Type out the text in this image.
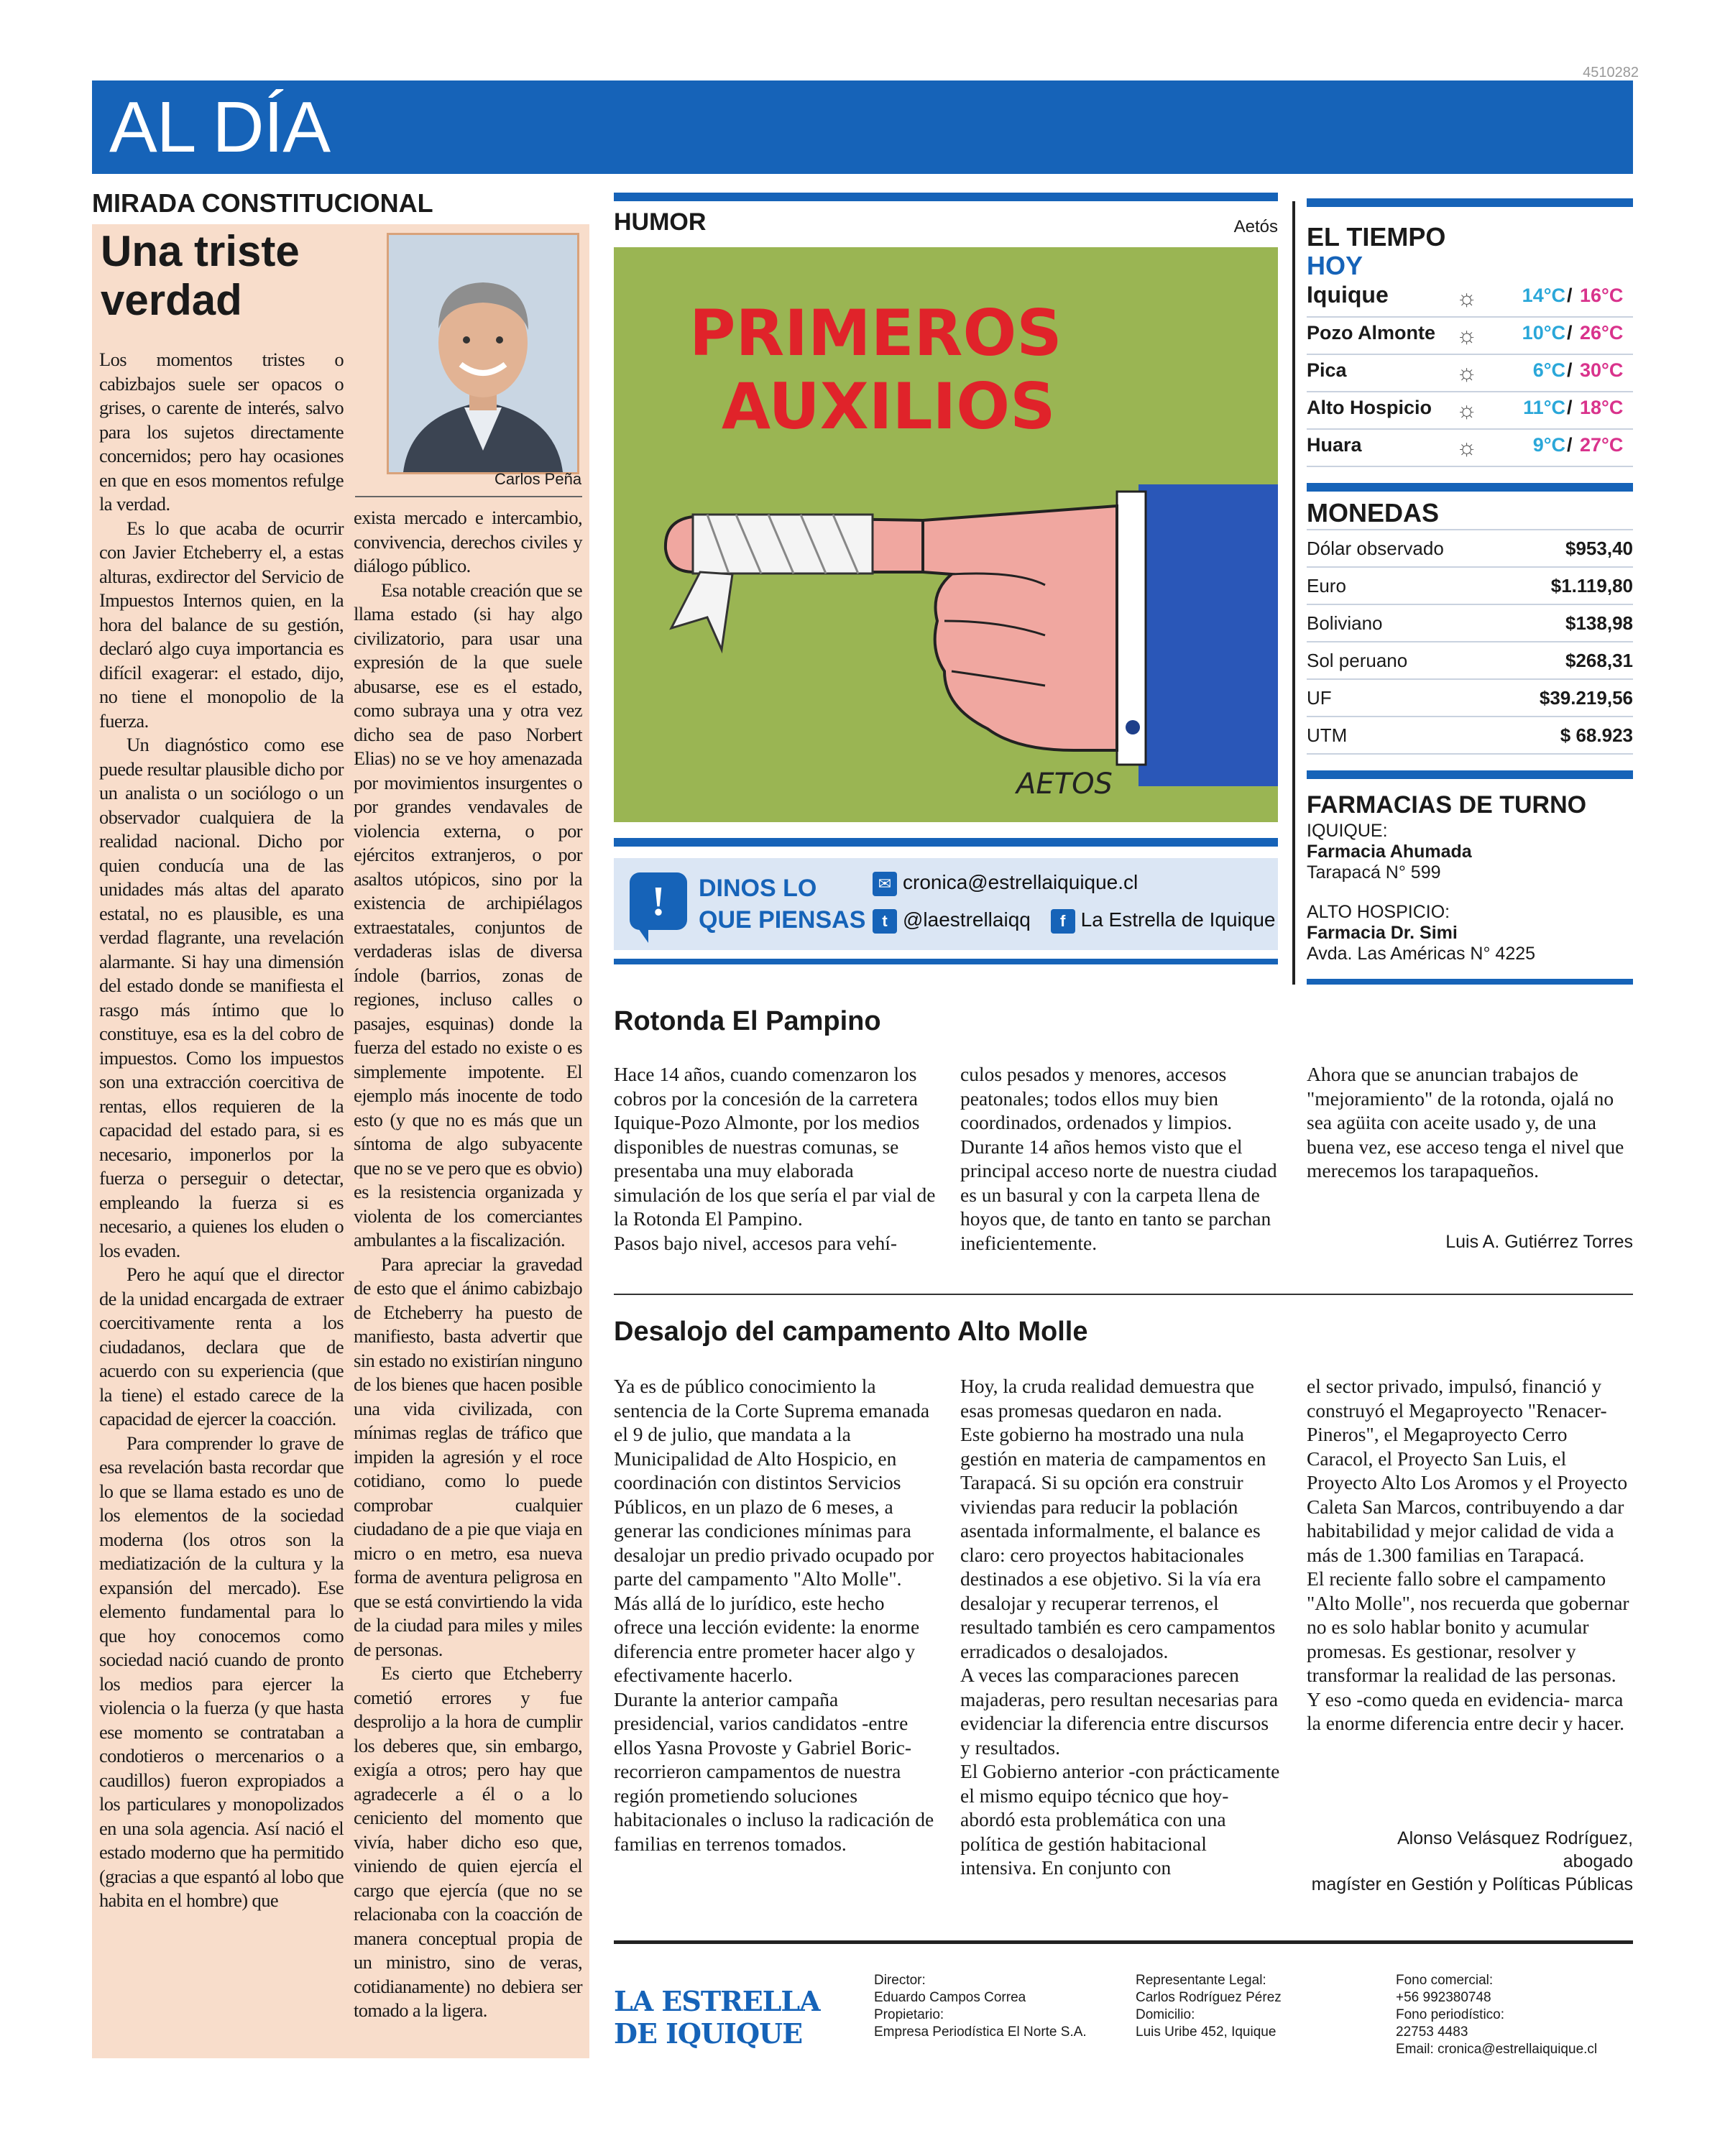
4510282
AL DÍA
MIRADA CONSTITUCIONAL
Una triste
verdad
Carlos Peña

Los momentos tristes o cabizbajos suele ser opacos o grises, o carente de interés, salvo para los sujetos directamente concernidos; pero hay ocasiones en que en esos momentos refulge la verdad.

Es lo que acaba de ocurrir con Javier Etcheberry el, a estas alturas, exdirector del Servicio de Impuestos Internos quien, en la hora del balance de su gestión, declaró algo cuya importancia es difícil exagerar: el estado, dijo, no tiene el monopolio de la fuerza.

Un diagnóstico como ese puede resultar plausible dicho por un analista o un sociólogo o un observador cualquiera de la realidad nacional. Dicho por quien conducía una de las unidades más altas del aparato estatal, no es plausible, es una verdad flagrante, una revelación alarmante. Si hay una dimensión del estado donde se manifiesta el rasgo más íntimo que lo constituye, esa es la del cobro de impuestos. Como los impuestos son una extracción coercitiva de rentas, ellos requieren de la capacidad del estado para, si es necesario, imponerlos por la fuerza o perseguir o detectar, empleando la fuerza si es necesario, a quienes los eluden o los evaden.

Pero he aquí que el director de la unidad encargada de extraer coercitivamente renta a los ciudadanos, declara que de acuerdo con su experiencia (que la tiene) el estado carece de la capacidad de ejercer la coacción.

Para comprender lo grave de esa revelación basta recordar que lo que se llama estado es uno de los elementos de la sociedad moderna (los otros son la mediatización de la cultura y la expansión del mercado). Ese elemento fundamental para lo que hoy conocemos como sociedad nació cuando de pronto los medios para ejercer la violencia o la fuerza (y que hasta ese momento se contrataban a condotieros o mercenarios o a caudillos) fueron expropiados a los particulares y monopolizados en una sola agencia. Así nació el estado moderno que ha permitido (gracias a que espantó al lobo que habita en el hombre) que

exista mercado e intercambio, convivencia, derechos civiles y diálogo público.

Esa notable creación que se llama estado (si hay algo civilizatorio, para usar una expresión de la que suele abusarse, ese es el estado, como subraya una y otra vez dicho sea de paso Norbert Elias) no se ve hoy amenazada por movimientos insurgentes o por grandes vendavales de violencia externa, o por ejércitos extranjeros, o por asaltos utópicos, sino por la existencia de archipiélagos extraestatales, conjuntos de verdaderas islas de diversa índole (barrios, zonas de regiones, incluso calles o pasajes, esquinas) donde la fuerza del estado no existe o es simplemente impotente. El ejemplo más inocente de todo esto (y que no es más que un síntoma de algo subyacente que no se ve pero que es obvio) es la resistencia organizada y violenta de los comerciantes ambulantes a la fiscalización.

Para apreciar la gravedad de esto que el ánimo cabizbajo de Etcheberry ha puesto de manifiesto, basta advertir que sin estado no existirían ninguno de los bienes que hacen posible una vida civilizada, con mínimas reglas de tráfico que impiden la agresión y el roce cotidiano, como lo puede comprobar cualquier ciudadano de a pie que viaja en micro o en metro, esa nueva forma de aventura peligrosa en que se está convirtiendo la vida de la ciudad para miles y miles de personas.

Es cierto que Etcheberry cometió errores y fue desprolijo a la hora de cumplir los deberes que, sin embargo, exigía a otros; pero hay que agradecerle a él o a lo ceniciento del momento que vivía, haber dicho eso que, viniendo de quien ejercía el cargo que ejercía (que no se relacionaba con la coacción de manera conceptual propia de un ministro, sino de veras, cotidianamente) no debiera ser tomado a la ligera.

HUMOR	Aetós
PRIMEROS
AUXILIOS
AETOS
!	DINOS LO
QUE PIENSAS
✉ cronica@estrellaiquique.cl
t @laestrellaiqq f La Estrella de Iquique
EL TIEMPO
HOY
Iquique	☼	14°C / 16°C
Pozo Almonte ☼	10°C / 26°C
Pica	☼	6°C / 30°C
Alto Hospicio ☼	11°C / 18°C
Huara	☼	9°C / 27°C
MONEDAS
Dólar observado	$953,40
Euro	$1.119,80
Boliviano	$138,98
Sol peruano	$268,31
UF	$39.219,56
UTM	$ 68.923
FARMACIAS DE TURNO
IQUIQUE:
Farmacia Ahumada
Tarapacá N° 599
ALTO HOSPICIO:
Farmacia Dr. Simi
Avda. Las Américas N° 4225
Rotonda El Pampino
Hace 14 años, cuando comenzaron los cobros por la concesión de la carretera Iquique-Pozo Almonte, por los medios disponibles de nuestras comunas, se presentaba una muy elaborada simulación de los que sería el par vial de la Rotonda El Pampino.
Pasos bajo nivel, accesos para vehí-
culos pesados y menores, accesos peatonales; todos ellos muy bien coordinados, ordenados y limpios. Durante 14 años hemos visto que el principal acceso norte de nuestra ciudad es un basural y con la carpeta llena de hoyos que, de tanto en tanto se parchan ineficientemente.
Ahora que se anuncian trabajos de "mejoramiento" de la rotonda, ojalá no sea agüita con aceite usado y, de una buena vez, ese acceso tenga el nivel que merecemos los tarapaqueños.
Luis A. Gutiérrez Torres
Desalojo del campamento Alto Molle
Ya es de público conocimiento la sentencia de la Corte Suprema emanada el 9 de julio, que mandata a la Municipalidad de Alto Hospicio, en coordinación con distintos Servicios Públicos, en un plazo de 6 meses, a generar las condiciones mínimas para desalojar un predio privado ocupado por parte del campamento "Alto Molle".
Más allá de lo jurídico, este hecho ofrece una lección evidente: la enorme diferencia entre prometer hacer algo y efectivamente hacerlo.
Durante la anterior campaña presidencial, varios candidatos -entre ellos Yasna Provoste y Gabriel Boric- recorrieron campamentos de nuestra región prometiendo soluciones habitacionales o incluso la radicación de familias en terrenos tomados.
Hoy, la cruda realidad demuestra que esas promesas quedaron en nada.
Este gobierno ha mostrado una nula gestión en materia de campamentos en Tarapacá. Si su opción era construir viviendas para reducir la población asentada informalmente, el balance es claro: cero proyectos habitacionales destinados a ese objetivo. Si la vía era desalojar y recuperar terrenos, el resultado también es cero campamentos erradicados o desalojados.
A veces las comparaciones parecen majaderas, pero resultan necesarias para evidenciar la diferencia entre discursos y resultados.
El Gobierno anterior -con prácticamente el mismo equipo técnico que hoy- abordó esta problemática con una política de gestión habitacional intensiva. En conjunto con
el sector privado, impulsó, financió y construyó el Megaproyecto "Renacer-Pineros", el Megaproyecto Cerro Caracol, el Proyecto San Luis, el Proyecto Alto Los Aromos y el Proyecto Caleta San Marcos, contribuyendo a dar habitabilidad y mejor calidad de vida a más de 1.300 familias en Tarapacá.
El reciente fallo sobre el campamento "Alto Molle", nos recuerda que gobernar no es solo hablar bonito y acumular promesas. Es gestionar, resolver y transformar la realidad de las personas. Y eso -como queda en evidencia- marca la enorme diferencia entre decir y hacer.
Alonso Velásquez Rodríguez,
abogado
magíster en Gestión y Políticas Públicas
LA ESTRELLA DE IQUIQUE
Director:
Eduardo Campos Correa
Propietario:
Empresa Periodística El Norte S.A.
Representante Legal:
Carlos Rodríguez Pérez
Domicilio:
Luis Uribe 452, Iquique
Fono comercial:
+56 992380748
Fono periodístico:
22753 4483
Email: cronica@estrellaiquique.cl
